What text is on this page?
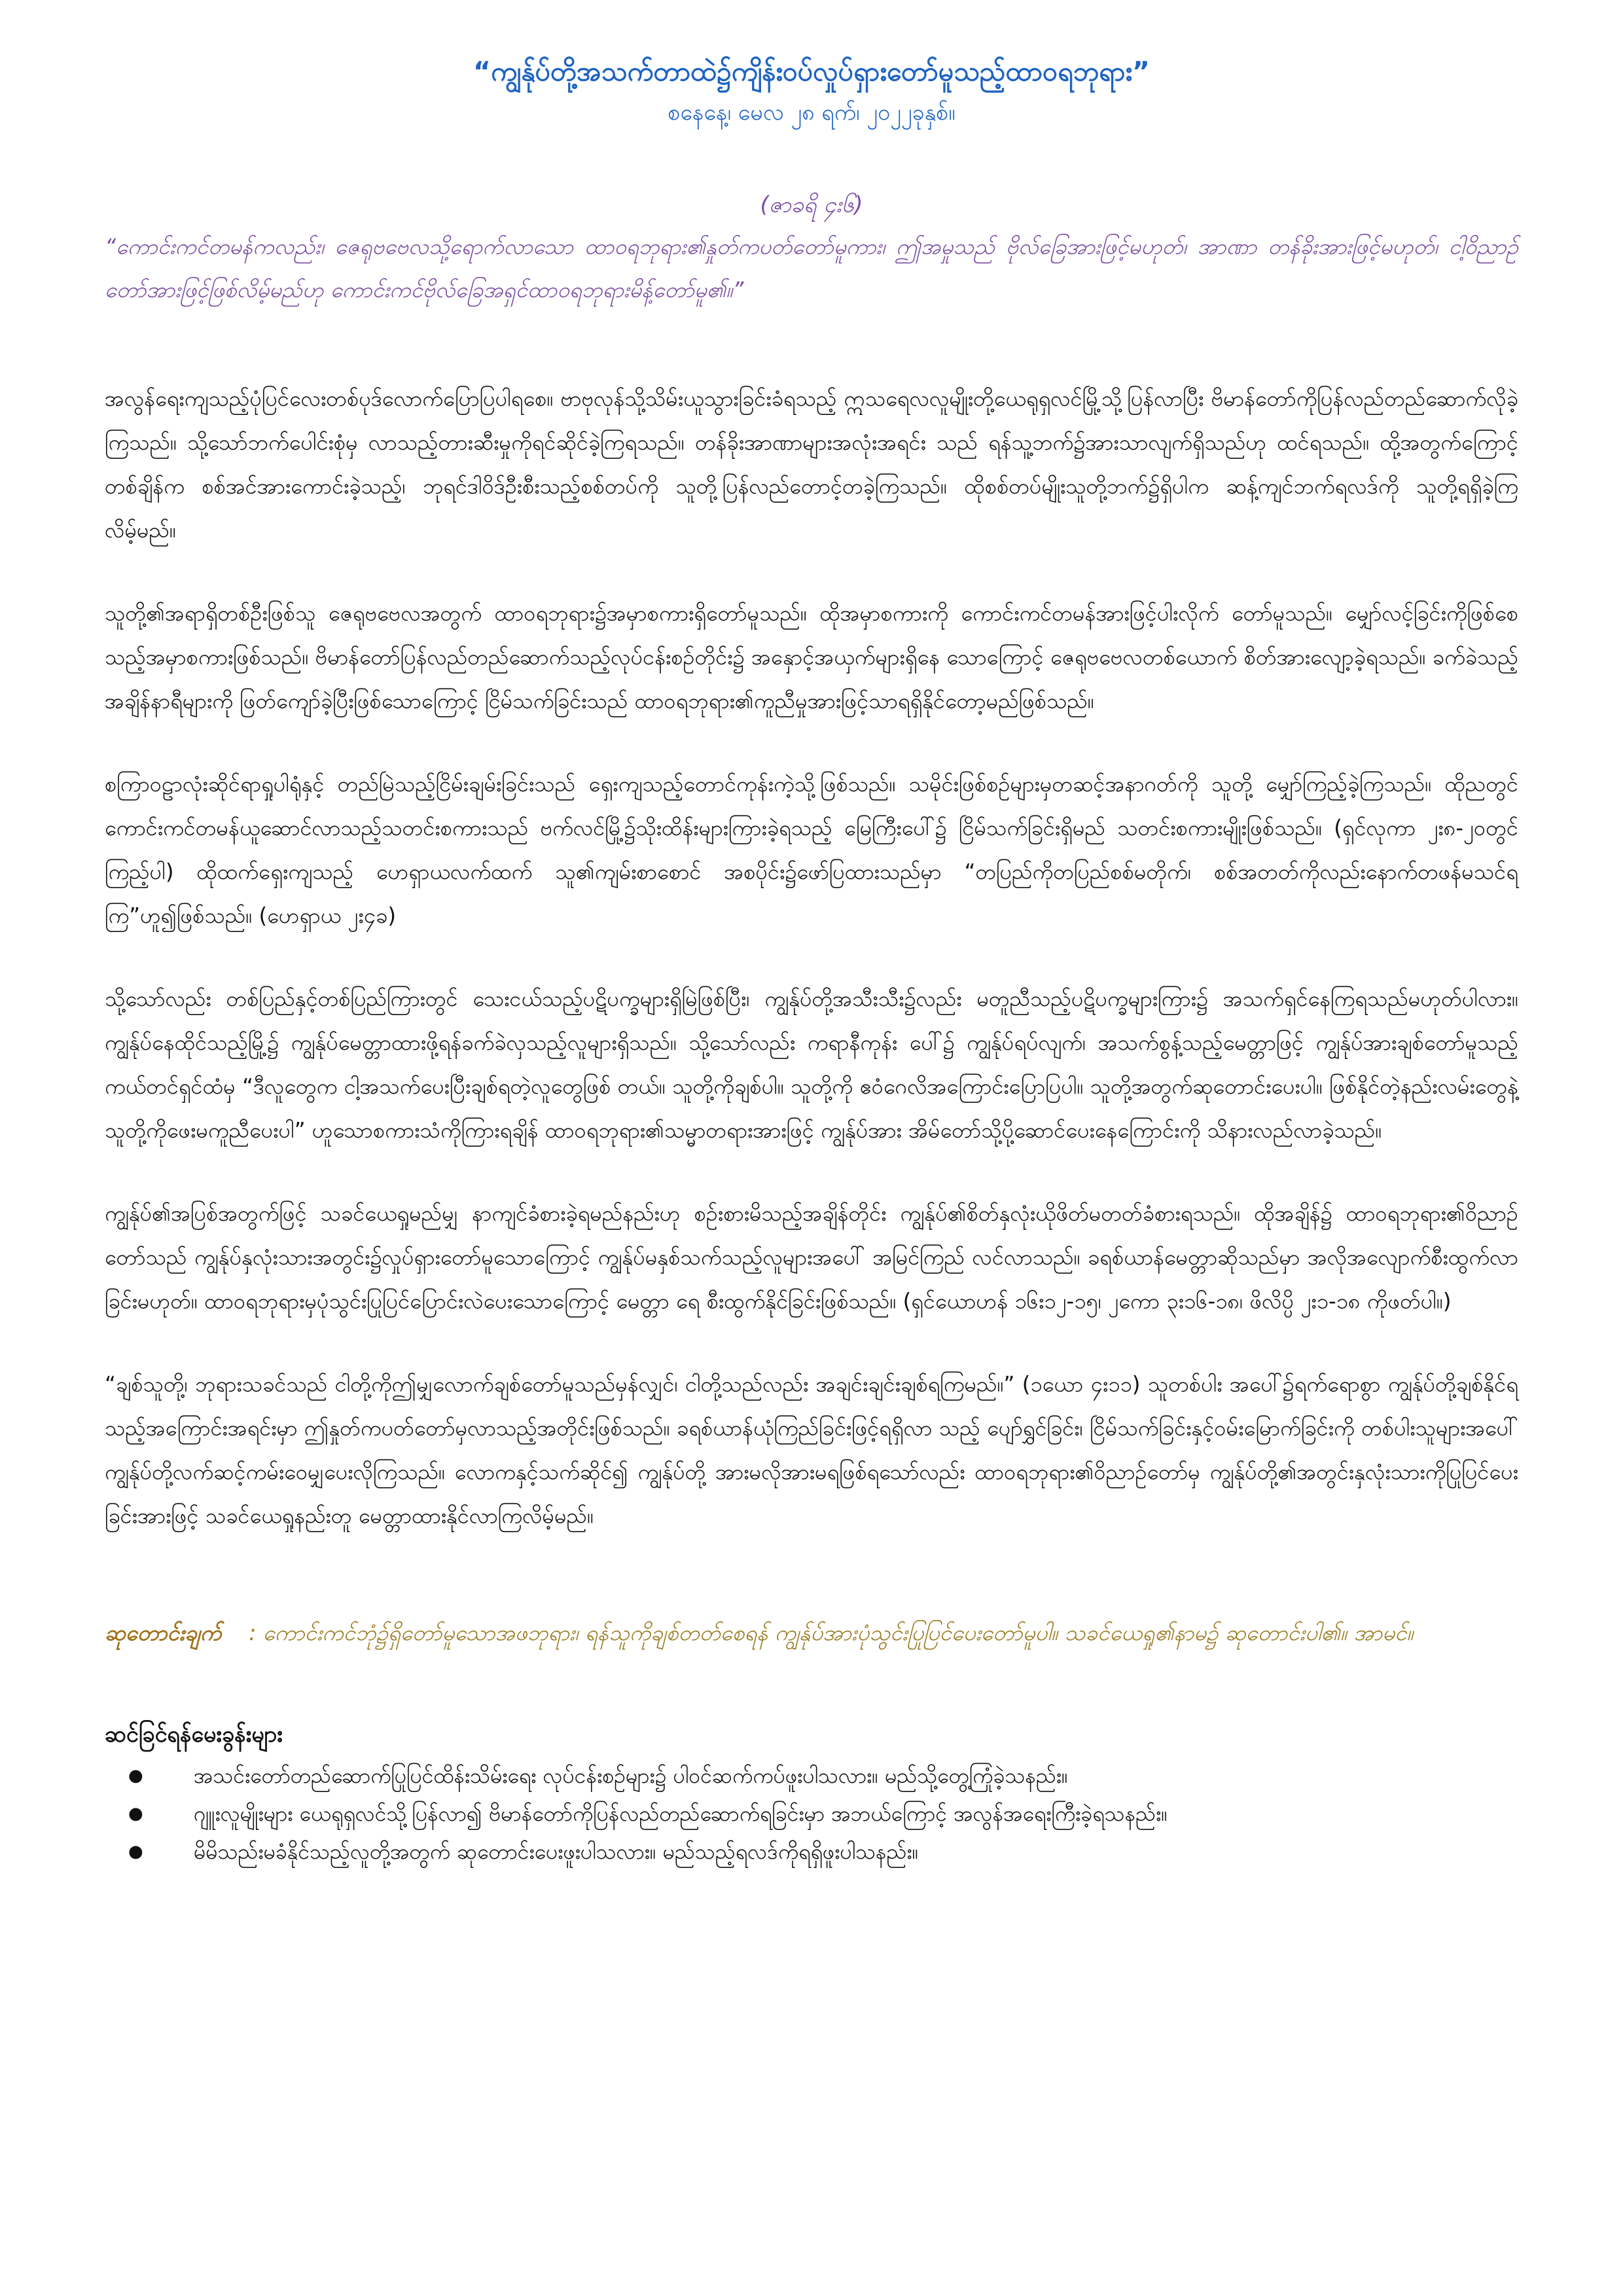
“ကျွန်ုပ်တို့အသက်တာထဲ၌ကျိန်းဝပ်လှုပ်ရှားတော်မူသည့်ထာဝရဘုရား”

စနေနေ့၊ မေလ ၂၈ ရက်၊ ၂၀၂၂ခုနှစ်။

(ဇာခရိ ၄း၆)

“ကောင်းကင်တမန်ကလည်း၊ ဇေရုဗဗေလသို့ရောက်လာသော ထာဝရဘုရား၏နှုတ်ကပတ်တော်မူကား၊ ဤအမှုသည် ဗိုလ်ခြေအားဖြင့်မဟုတ်၊ အာဏာ တန်ခိုးအားဖြင့်မဟုတ်၊ ငါ့ဝိညာဉ်တော်အားဖြင့်ဖြစ်လိမ့်မည်ဟု ကောင်းကင်ဗိုလ်ခြေအရှင်ထာဝရဘုရားမိန့်တော်မူ၏။”

အလွန်ရေးကျသည့်ပုံပြင်လေးတစ်ပုဒ်လောက်ပြောပြပါရစေ။ ဗာဗုလုန်သို့သိမ်းယူသွားခြင်းခံရသည့် ဣသရေလလူမျိုးတို့ယေရုရှလင်မြို့သို့ပြန်လာပြီး ဗိမာန်တော်ကိုပြန်လည်တည်ဆောက်လိုခဲ့ကြသည်။ သို့သော်ဘက်ပေါင်းစုံမှ လာသည့်တားဆီးမှုကိုရင်ဆိုင်ခဲ့ကြရသည်။ တန်ခိုးအာဏာများအလုံးအရင်း သည် ရန်သူ့ဘက်၌အားသာလျက်ရှိသည်ဟု ထင်ရသည်။ ထို့အတွက်ကြောင့် တစ်ချိန်က စစ်အင်အားကောင်းခဲ့သည့်၊ ဘုရင်ဒါဝိဒ်ဦးစီးသည့်စစ်တပ်ကို သူတို့ပြန်လည်တောင့်တခဲ့ကြသည်။ ထိုစစ်တပ်မျိုးသူတို့ဘက်၌ရှိပါက ဆန့်ကျင်ဘက်ရလဒ်ကို သူတို့ရရှိခဲ့ကြလိမ့်မည်။

သူတို့၏အရာရှိတစ်ဦးဖြစ်သူ ဇေရုဗဗေလအတွက် ထာဝရဘုရား၌အမှာစကားရှိတော်မူသည်။ ထိုအမှာစကားကို ကောင်းကင်တမန်အားဖြင့်ပါးလိုက် တော်မူသည်။ မျှော်လင့်ခြင်းကိုဖြစ်စေသည့်အမှာစကားဖြစ်သည်။ ဗိမာန်တော်ပြန်လည်တည်ဆောက်သည့်လုပ်ငန်းစဉ်တိုင်း၌ အနှောင့်အယှက်များရှိနေ သောကြောင့် ဇေရုဗဗေလတစ်ယောက် စိတ်အားလျော့ခဲ့ရသည်။ ခက်ခဲသည့်အချိန်နာရီများကို ဖြတ်ကျော်ခဲ့ပြီးဖြစ်သောကြောင့် ငြိမ်သက်ခြင်းသည် ထာဝရဘုရား၏ကူညီမှုအားဖြင့်သာရရှိနိုင်တော့မည်ဖြစ်သည်။

စကြာဝဠာလုံးဆိုင်ရာရှုပါရုံနှင့် တည်မြဲသည့်ငြိမ်းချမ်းခြင်းသည် ရှေးကျသည့်တောင်ကုန်းကဲ့သို့ဖြစ်သည်။ သမိုင်းဖြစ်စဉ်များမှတဆင့်အနာဂတ်ကို သူတို့ မျှော်ကြည့်ခဲ့ကြသည်။ ထိုညတွင်ကောင်းကင်တမန်ယူဆောင်လာသည့်သတင်းစကားသည် ဗက်လင်မြို့၌သိုးထိန်းများကြားခဲ့ရသည့် မြေကြီးပေါ်၌ ငြိမ်သက်ခြင်းရှိမည် သတင်းစကားမျိုးဖြစ်သည်။ (ရှင်လုကာ ၂း၈-၂၀တွင်ကြည့်ပါ) ထိုထက်ရှေးကျသည့် ဟေရှာယလက်ထက် သူ၏ကျမ်းစာစောင် အစပိုင်း၌ဖော်ပြထားသည်မှာ “တပြည်ကိုတပြည်စစ်မတိုက်၊ စစ်အတတ်ကိုလည်းနောက်တဖန်မသင်ရကြ”ဟူ၍ဖြစ်သည်။ (ဟေရှာယ ၂း၄ခ)

သို့သော်လည်း တစ်ပြည်နှင့်တစ်ပြည်ကြားတွင် သေးငယ်သည့်ပဋိပက္ခများရှိမြဲဖြစ်ပြီး၊ ကျွန်ုပ်တို့အသီးသီး၌လည်း မတူညီသည့်ပဋိပက္ခများကြား၌ အသက်ရှင်နေကြရသည်မဟုတ်ပါလား။ ကျွန်ုပ်နေထိုင်သည့်မြို့၌ ကျွန်ုပ်မေတ္တာထားဖို့ရန်ခက်ခဲလှသည့်လူများရှိသည်။ သို့သော်လည်း ကရာနီကုန်း ပေါ်၌ ကျွန်ုပ်ရပ်လျက်၊ အသက်စွန့်သည့်မေတ္တာဖြင့် ကျွန်ုပ်အားချစ်တော်မူသည့်ကယ်တင်ရှင်ထံမှ “ဒီလူတွေက ငါ့အသက်ပေးပြီးချစ်ရတဲ့လူတွေဖြစ် တယ်။ သူတို့ကိုချစ်ပါ။ သူတို့ကို ဧဝံဂေလိအကြောင်းပြောပြပါ။ သူတို့အတွက်ဆုတောင်းပေးပါ။ ဖြစ်နိုင်တဲ့နည်းလမ်းတွေနဲ့ သူတို့ကိုဖေးမကူညီပေးပါ” ဟူသောစကားသံကိုကြားရချိန် ထာဝရဘုရား၏သမ္မာတရားအားဖြင့် ကျွန်ုပ်အား အိမ်တော်သို့ပို့ဆောင်ပေးနေကြောင်းကို သိနားလည်လာခဲ့သည်။

ကျွန်ုပ်၏အပြစ်အတွက်ဖြင့် သခင်ယေရှုမည်မျှ နာကျင်ခံစားခဲ့ရမည်နည်းဟု စဉ်းစားမိသည့်အချိန်တိုင်း ကျွန်ုပ်၏စိတ်နှလုံးယိုဖိတ်မတတ်ခံစားရသည်။ ထိုအချိန်၌ ထာဝရဘုရား၏ဝိညာဉ်တော်သည် ကျွန်ုပ်နှလုံးသားအတွင်း၌လှုပ်ရှားတော်မူသောကြောင့် ကျွန်ုပ်မနှစ်သက်သည့်လူများအပေါ် အမြင်ကြည် လင်လာသည်။ ခရစ်ယာန်မေတ္တာဆိုသည်မှာ အလိုအလျောက်စီးထွက်လာခြင်းမဟုတ်။ ထာဝရဘုရားမှပုံသွင်းပြုပြင်ပြောင်းလဲပေးသောကြောင့် မေတ္တာ ရေ စီးထွက်နိုင်ခြင်းဖြစ်သည်။ (ရှင်ယောဟန် ၁၆း၁၂-၁၅၊ ၂ကော ၃း၁၆-၁၈၊ ဖိလိပ္ပိ ၂း၁-၁၈ ကိုဖတ်ပါ။)

“ချစ်သူတို့၊ ဘုရားသခင်သည် ငါတို့ကိုဤမျှလောက်ချစ်တော်မူသည်မှန်လျှင်၊ ငါတို့သည်လည်း အချင်းချင်းချစ်ရကြမည်။” (၁ယော ၄း၁၁) သူတစ်ပါး အပေါ်၌ရက်ရောစွာ ကျွန်ုပ်တို့ချစ်နိုင်ရသည့်အကြောင်းအရင်းမှာ ဤနှုတ်ကပတ်တော်မှလာသည့်အတိုင်းဖြစ်သည်။ ခရစ်ယာန်ယုံကြည်ခြင်းဖြင့်ရရှိလာ သည့် ပျော်ရွှင်ခြင်း၊ ငြိမ်သက်ခြင်းနှင့်ဝမ်းမြောက်ခြင်းကို တစ်ပါးသူများအပေါ် ကျွန်ုပ်တို့လက်ဆင့်ကမ်းဝေမျှပေးလိုကြသည်။ လောကနှင့်သက်ဆိုင်၍ ကျွန်ုပ်တို့ အားမလိုအားမရဖြစ်ရသော်လည်း ထာဝရဘုရား၏ဝိညာဉ်တော်မှ ကျွန်ုပ်တို့၏အတွင်းနှလုံးသားကိုပြုပြင်ပေးခြင်းအားဖြင့် သခင်ယေရှုနည်းတူ မေတ္တာထားနိုင်လာကြလိမ့်မည်။

ဆုတောင်းချက် : ကောင်းကင်ဘုံ၌ရှိတော်မူသောအဖဘုရား၊ ရန်သူကိုချစ်တတ်စေရန် ကျွန်ုပ်အားပုံသွင်းပြုပြင်ပေးတော်မူပါ။ သခင်ယေရှု၏နာမ၌ ဆုတောင်းပါ၏။ အာမင်။

ဆင်ခြင်ရန်မေးခွန်းများ
●	အသင်းတော်တည်ဆောက်ပြုပြင်ထိန်းသိမ်းရေး လုပ်ငန်းစဉ်များ၌ ပါဝင်ဆက်ကပ်ဖူးပါသလား။ မည်သို့တွေ့ကြုံခဲ့သနည်း။
●	ဂျူးလူမျိုးများ ယေရုရှလင်သို့ပြန်လာ၍ ဗိမာန်တော်ကိုပြန်လည်တည်ဆောက်ရခြင်းမှာ အဘယ်ကြောင့် အလွန်အရေးကြီးခဲ့ရသနည်း။
●	မိမိသည်းမခံနိုင်သည့်လူတို့အတွက် ဆုတောင်းပေးဖူးပါသလား။ မည်သည့်ရလဒ်ကိုရရှိဖူးပါသနည်း။
